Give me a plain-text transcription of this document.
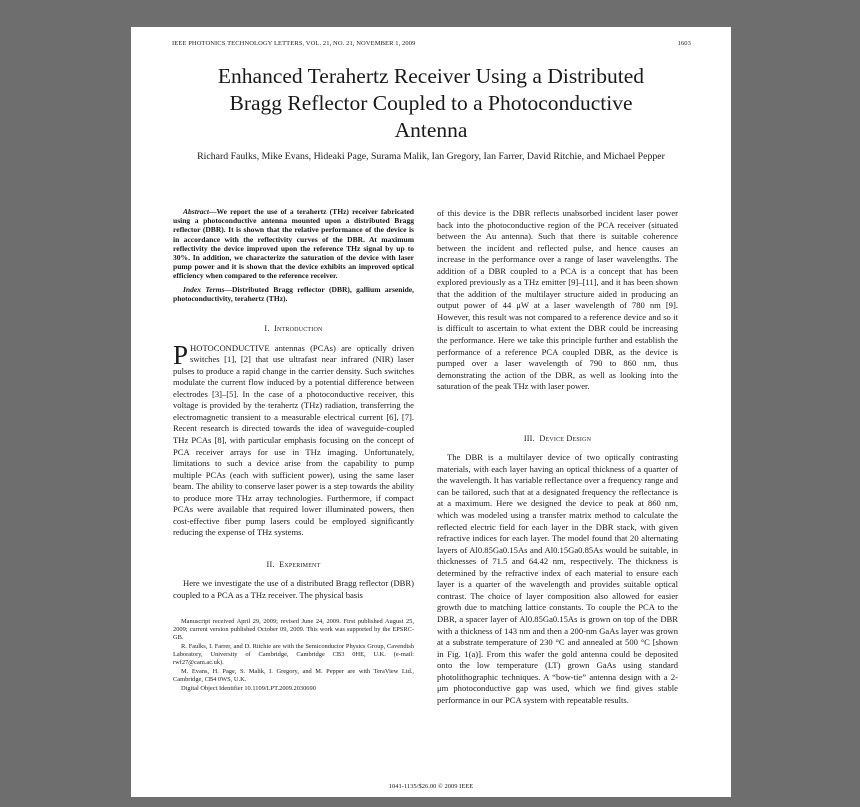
IEEE PHOTONICS TECHNOLOGY LETTERS, VOL. 21, NO. 21, NOVEMBER 1, 2009	1603
Enhanced Terahertz Receiver Using a Distributed
Bragg Reflector Coupled to a Photoconductive
Antenna
Richard Faulks, Mike Evans, Hideaki Page, Surama Malik, Ian Gregory, Ian Farrer, David Ritchie, and Michael Pepper

Abstract—We report the use of a terahertz (THz) receiver fabricated using a photoconductive antenna mounted upon a distributed Bragg reflector (DBR). It is shown that the relative performance of the device is in accordance with the reflectivity curves of the DBR. At maximum reflectivity the device improved upon the reference THz signal by up to 30%. In addition, we characterize the saturation of the device with laser pump power and it is shown that the device exhibits an improved optical efficiency when compared to the reference receiver.

Index Terms—Distributed Bragg reflector (DBR), gallium arsenide, photoconductivity, terahertz (THz).

I. Introduction

PHOTOCONDUCTIVE antennas (PCAs) are optically driven switches [1], [2] that use ultrafast near infrared (NIR) laser pulses to produce a rapid change in the carrier density. Such switches modulate the current flow induced by a potential difference between electrodes [3]–[5]. In the case of a photoconductive receiver, this voltage is provided by the terahertz (THz) radiation, transferring the electromagnetic transient to a measurable electrical current [6], [7]. Recent research is directed towards the idea of waveguide-coupled THz PCAs [8], with particular emphasis focusing on the concept of PCA receiver arrays for use in THz imaging. Unfortunately, limitations to such a device arise from the capability to pump multiple PCAs (each with sufficient power), using the same laser beam. The ability to conserve laser power is a step towards the ability to produce more THz array technologies. Furthermore, if compact PCAs were available that required lower illuminated powers, then cost-effective fiber pump lasers could be employed significantly reducing the expense of THz systems.

II. Experiment

Here we investigate the use of a distributed Bragg reflector (DBR) coupled to a PCA as a THz receiver. The physical basis

Manuscript received April 29, 2009; revised June 24, 2009. First published August 25, 2009; current version published October 09, 2009. This work was supported by the EPSRC-GB.

R. Faulks, I. Farrer, and D. Ritchie are with the Semiconductor Physics Group, Cavendish Laboratory, University of Cambridge, Cambridge CB3 0HE, U.K. (e-mail: rwf27@cam.ac.uk).

M. Evans, H. Page, S. Malik, I. Gregory, and M. Pepper are with TeraView Ltd., Cambridge, CB4 0WS, U.K.

Digital Object Identifier 10.1109/LPT.2009.2030690

of this device is the DBR reflects unabsorbed incident laser power back into the photoconductive region of the PCA receiver (situated between the Au antenna). Such that there is suitable coherence between the incident and reflected pulse, and hence causes an increase in the performance over a range of laser wavelengths. The addition of a DBR coupled to a PCA is a concept that has been explored previously as a THz emitter [9]–[11], and it has been shown that the addition of the multilayer structure aided in producing an output power of 44 μW at a laser wavelength of 780 nm [9]. However, this result was not compared to a reference device and so it is difficult to ascertain to what extent the DBR could be increasing the performance. Here we take this principle further and establish the performance of a reference PCA coupled DBR, as the device is pumped over a laser wavelength of 790 to 860 nm, thus demonstrating the action of the DBR, as well as looking into the saturation of the peak THz with laser power.

III. Device Design

The DBR is a multilayer device of two optically contrasting materials, with each layer having an optical thickness of a quarter of the wavelength. It has variable reflectance over a frequency range and can be tailored, such that at a designated frequency the reflectance is at a maximum. Here we designed the device to peak at 860 nm, which was modeled using a transfer matrix method to calculate the reflected electric field for each layer in the DBR stack, with given refractive indices for each layer. The model found that 20 alternating layers of Al0.85Ga0.15As and Al0.15Ga0.85As would be suitable, in thicknesses of 71.5 and 64.42 nm, respectively. The thickness is determined by the refractive index of each material to ensure each layer is a quarter of the wavelength and provides suitable optical contrast. The choice of layer composition also allowed for easier growth due to matching lattice constants. To couple the PCA to the DBR, a spacer layer of Al0.85Ga0.15As is grown on top of the DBR with a thickness of 143 nm and then a 200-nm GaAs layer was grown at a substrate temperature of 230 °C and annealed at 500 °C [shown in Fig. 1(a)]. From this wafer the gold antenna could be deposited onto the low temperature (LT) grown GaAs using standard photolithographic techniques. A “bow-tie” antenna design with a 2-μm photoconductive gap was used, which we find gives stable performance in our PCA system with repeatable results.

1041-1135/$26.00 © 2009 IEEE
